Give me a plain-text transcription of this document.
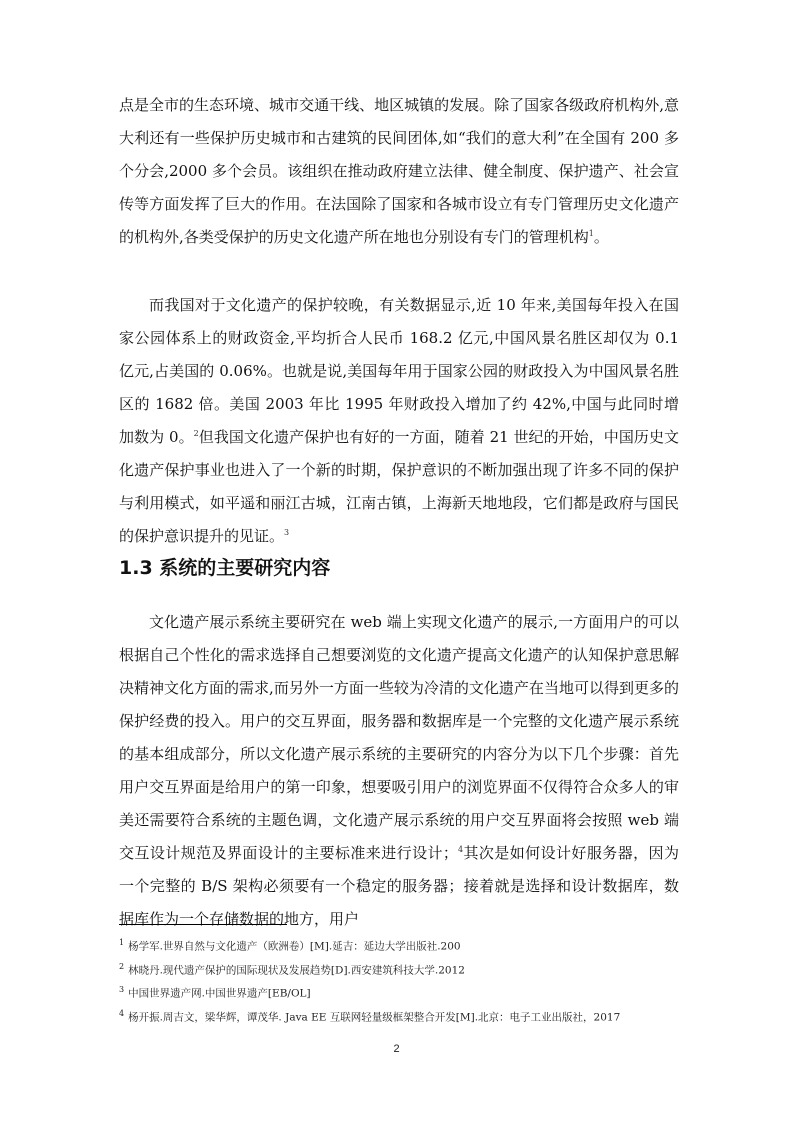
点是全市的生态环境、城市交通干线、地区城镇的发展。除了国家各级政府机构外,意大利还有一些保护历史城市和古建筑的民间团体,如“我们的意大利”在全国有 200 多个分会,2000 多个会员。该组织在推动政府建立法律、健全制度、保护遗产、社会宣传等方面发挥了巨大的作用。在法国除了国家和各城市设立有专门管理历史文化遗产的机构外,各类受保护的历史文化遗产所在地也分别设有专门的管理机构$^1$。

而我国对于文化遗产的保护较晚，有关数据显示,近 10 年来,美国每年投入在国家公园体系上的财政资金,平均折合人民币 168.2 亿元,中国风景名胜区却仅为 0.1 亿元,占美国的 0.06%。也就是说,美国每年用于国家公园的财政投入为中国风景名胜区的 1682 倍。美国 2003 年比 1995 年财政投入增加了约 42%,中国与此同时增加数为 0。$^2$但我国文化遗产保护也有好的一方面，随着 21 世纪的开始，中国历史文化遗产保护事业也进入了一个新的时期，保护意识的不断加强出现了许多不同的保护与利用模式，如平遥和丽江古城，江南古镇，上海新天地地段，它们都是政府与国民的保护意识提升的见证。$^3$

1.3 系统的主要研究内容

文化遗产展示系统主要研究在 web 端上实现文化遗产的展示,一方面用户的可以根据自己个性化的需求选择自己想要浏览的文化遗产提高文化遗产的认知保护意思解决精神文化方面的需求,而另外一方面一些较为冷清的文化遗产在当地可以得到更多的保护经费的投入。用户的交互界面，服务器和数据库是一个完整的文化遗产展示系统的基本组成部分，所以文化遗产展示系统的主要研究的内容分为以下几个步骤：首先用户交互界面是给用户的第一印象，想要吸引用户的浏览界面不仅得符合众多人的审美还需要符合系统的主题色调，文化遗产展示系统的用户交互界面将会按照 web 端交互设计规范及界面设计的主要标准来进行设计；$^4$其次是如何设计好服务器，因为一个完整的 B/S 架构必须要有一个稳定的服务器；接着就是选择和设计数据库，数据库作为一个存储数据的地方，用户

$^1$ 杨学军.世界自然与文化遗产（欧洲卷）[M].延吉：延边大学出版社.200
$^2$ 林晓丹.现代遗产保护的国际现状及发展趋势[D].西安建筑科技大学.2012
$^3$ 中国世界遗产网.中国世界遗产[EB/OL]
$^4$ 杨开振.周吉文，梁华辉，谭茂华. Java EE 互联网轻量级框架整合开发[M].北京：电子工业出版社，2017
2
